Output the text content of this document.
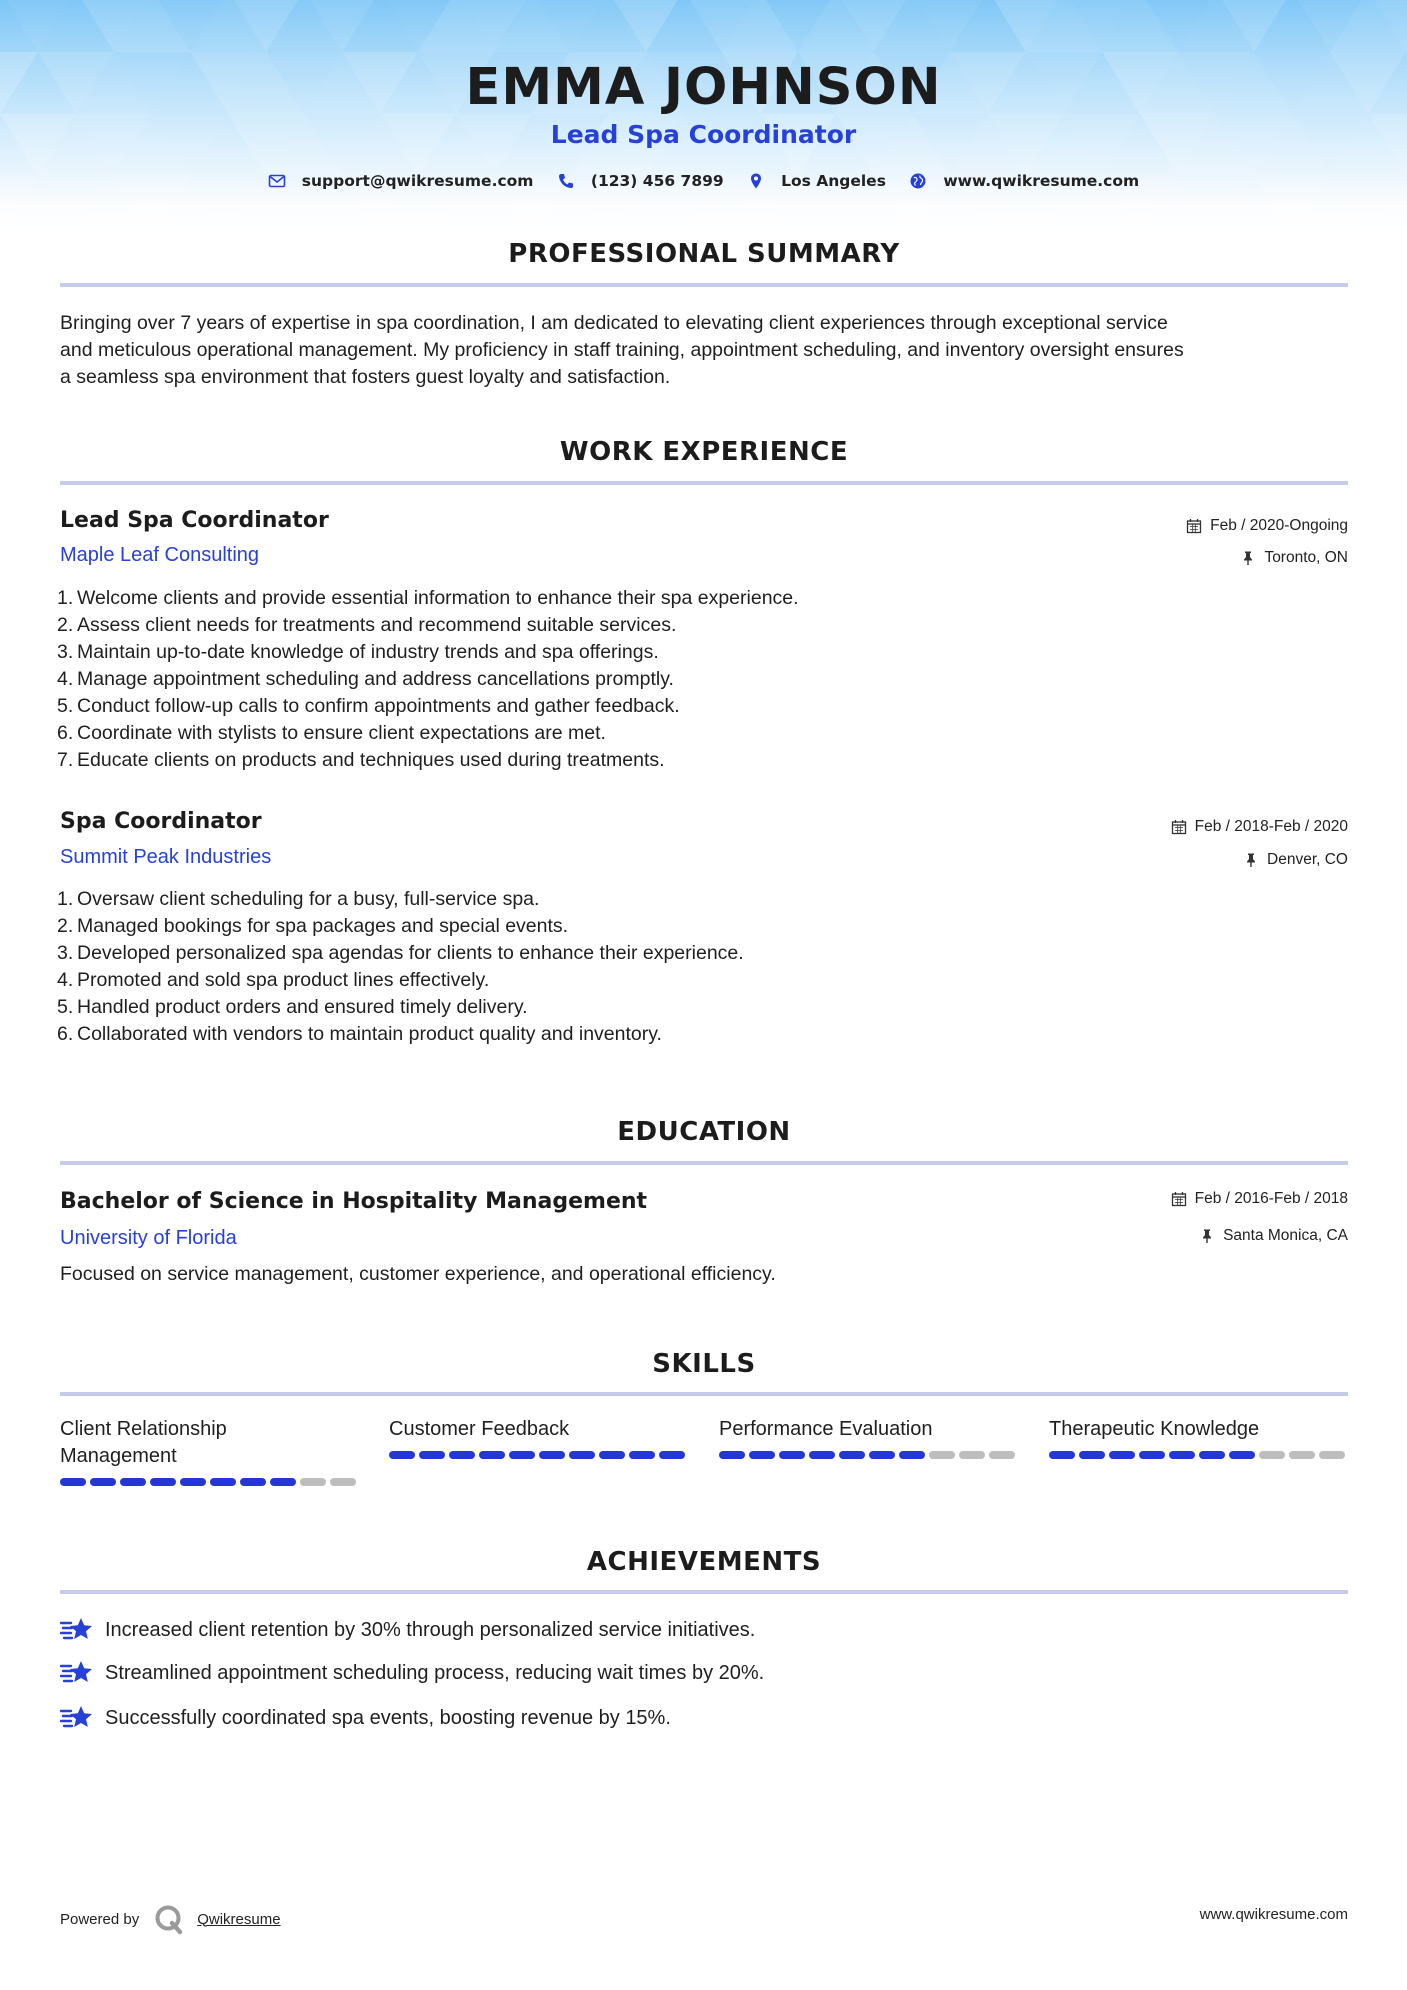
EMMA JOHNSON
Lead Spa Coordinator
support@qwikresume.com
	(123) 456 7899
	Los Angeles
	www.qwikresume.com
PROFESSIONAL SUMMARY
Bringing over 7 years of expertise in spa coordination, I am dedicated to elevating client experiences through exceptional service
and meticulous operational management. My proficiency in staff training, appointment scheduling, and inventory oversight ensures
a seamless spa environment that fosters guest loyalty and satisfaction.
WORK EXPERIENCE
Lead Spa Coordinator	Feb / 2020-Ongoing
Maple Leaf Consulting	Toronto, ON
1. Welcome clients and provide essential information to enhance their spa experience.
2. Assess client needs for treatments and recommend suitable services.
3. Maintain up-to-date knowledge of industry trends and spa offerings.
4. Manage appointment scheduling and address cancellations promptly.
5. Conduct follow-up calls to confirm appointments and gather feedback.
6. Coordinate with stylists to ensure client expectations are met.
7. Educate clients on products and techniques used during treatments.
Spa Coordinator	Feb / 2018-Feb / 2020
Summit Peak Industries	Denver, CO
1. Oversaw client scheduling for a busy, full-service spa.
2. Managed bookings for spa packages and special events.
3. Developed personalized spa agendas for clients to enhance their experience.
4. Promoted and sold spa product lines effectively.
5. Handled product orders and ensured timely delivery.
6. Collaborated with vendors to maintain product quality and inventory.
EDUCATION
Bachelor of Science in Hospitality Management	Feb / 2016-Feb / 2018
University of Florida	Santa Monica, CA
Focused on service management, customer experience, and operational efficiency.
SKILLS
Client Relationship
Management
Customer Feedback	Performance Evaluation	Therapeutic Knowledge
ACHIEVEMENTS
Increased client retention by 30% through personalized service initiatives.
Streamlined appointment scheduling process, reducing wait times by 20%.
Successfully coordinated spa events, boosting revenue by 15%.
Powered by	Qwikresume	www.qwikresume.com
